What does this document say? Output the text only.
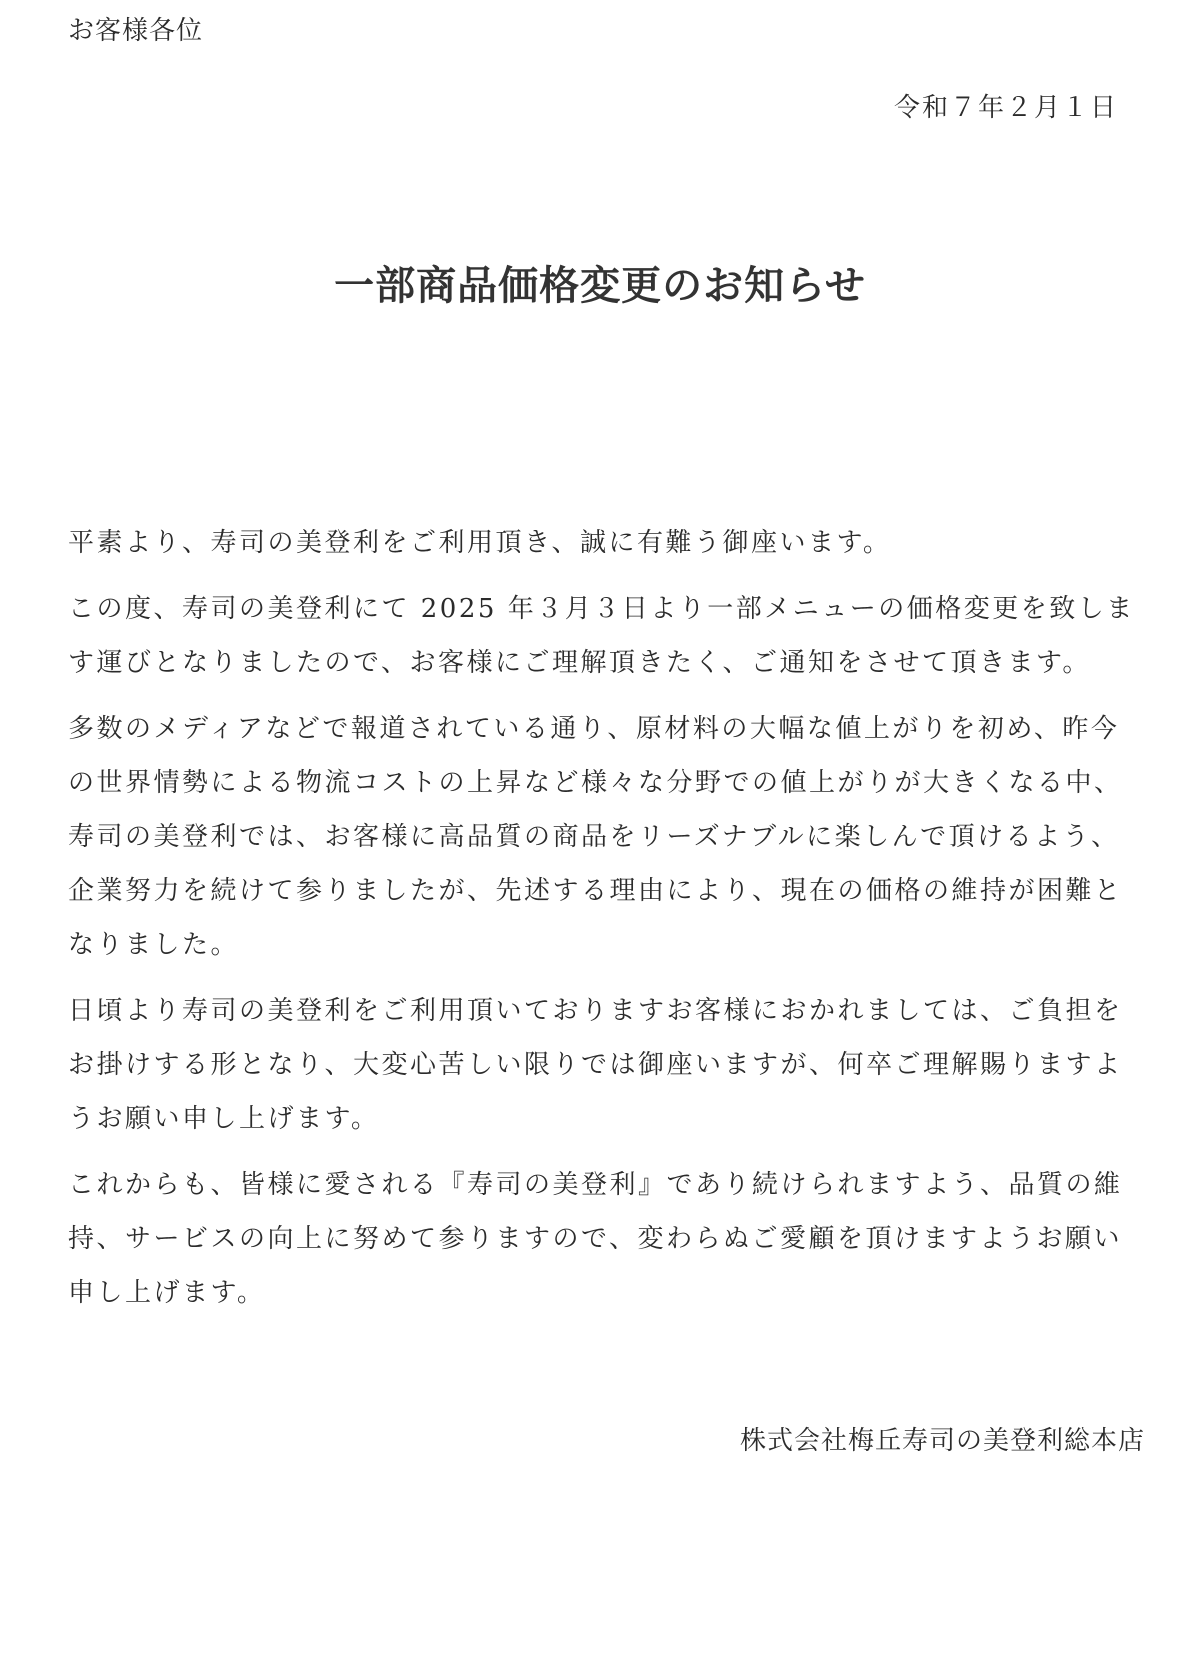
お客様各位
令和７年２月１日
一部商品価格変更のお知らせ

平素より、寿司の美登利をご利用頂き、誠に有難う御座います。

この度、寿司の美登利にて 2025 年３月３日より一部メニューの価格変更を致します運びとなりましたので、お客様にご理解頂きたく、ご通知をさせて頂きます。

多数のメディアなどで報道されている通り、原材料の大幅な値上がりを初め、昨今の世界情勢による物流コストの上昇など様々な分野での値上がりが大きくなる中、寿司の美登利では、お客様に高品質の商品をリーズナブルに楽しんで頂けるよう、企業努力を続けて参りましたが、先述する理由により、現在の価格の維持が困難となりました。

日頃より寿司の美登利をご利用頂いておりますお客様におかれましては、ご負担をお掛けする形となり、大変心苦しい限りでは御座いますが、何卒ご理解賜りますようお願い申し上げます。

これからも、皆様に愛される『寿司の美登利』であり続けられますよう、品質の維持、サービスの向上に努めて参りますので、変わらぬご愛顧を頂けますようお願い申し上げます。

株式会社梅丘寿司の美登利総本店
